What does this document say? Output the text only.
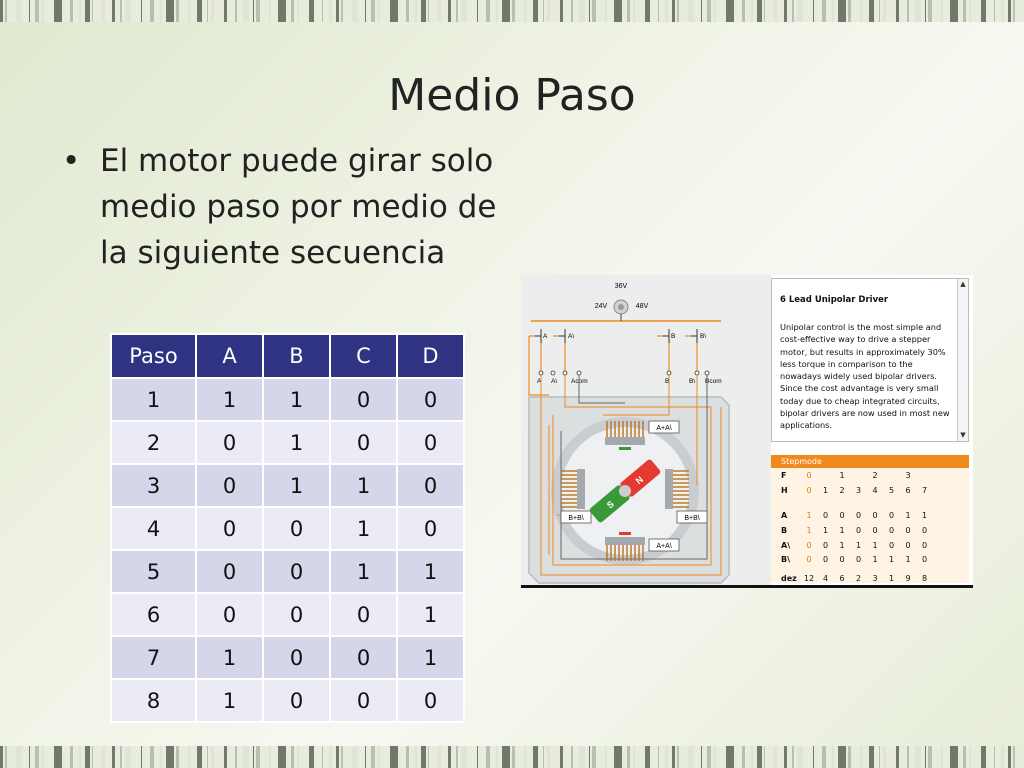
Medio Paso
• El motor puede girar solo medio paso por medio de la siguiente secuencia
Paso	A	B	C	D
1	1	1	0	0
2	0	1	0	0
3	0	1	1	0
4	0	0	1	0
5	0	0	1	1
6	0	0	0	1
7	1	0	0	1
8	1	0	0	0
36V
24V	48V
A	A\	B	B\
A A\ Acom	B	B\ Bcom
N
S
A+A\
A+A\
B+B\	B+B\
6 Lead Unipolar Driver
Unipolar control is the most simple and cost-effective way to drive a stepper motor, but results in approximately 30% less torque in comparison to the nowadays widely used bipolar drivers. Since the cost advantage is very small today due to cheap integrated circuits, bipolar drivers are now used in most new applications.
▲
▼
Stepmode
F	0	1	2	3
H	0	1	2	3	4	5	6	7
A	1	0	0	0	0	0	1	1
B	1	1	1	0	0	0	0	0
A\	0	0	1	1	1	0	0	0
B\	0	0	0	0	1	1	1	0
dez 12	4	6	2	3	1	9	8
